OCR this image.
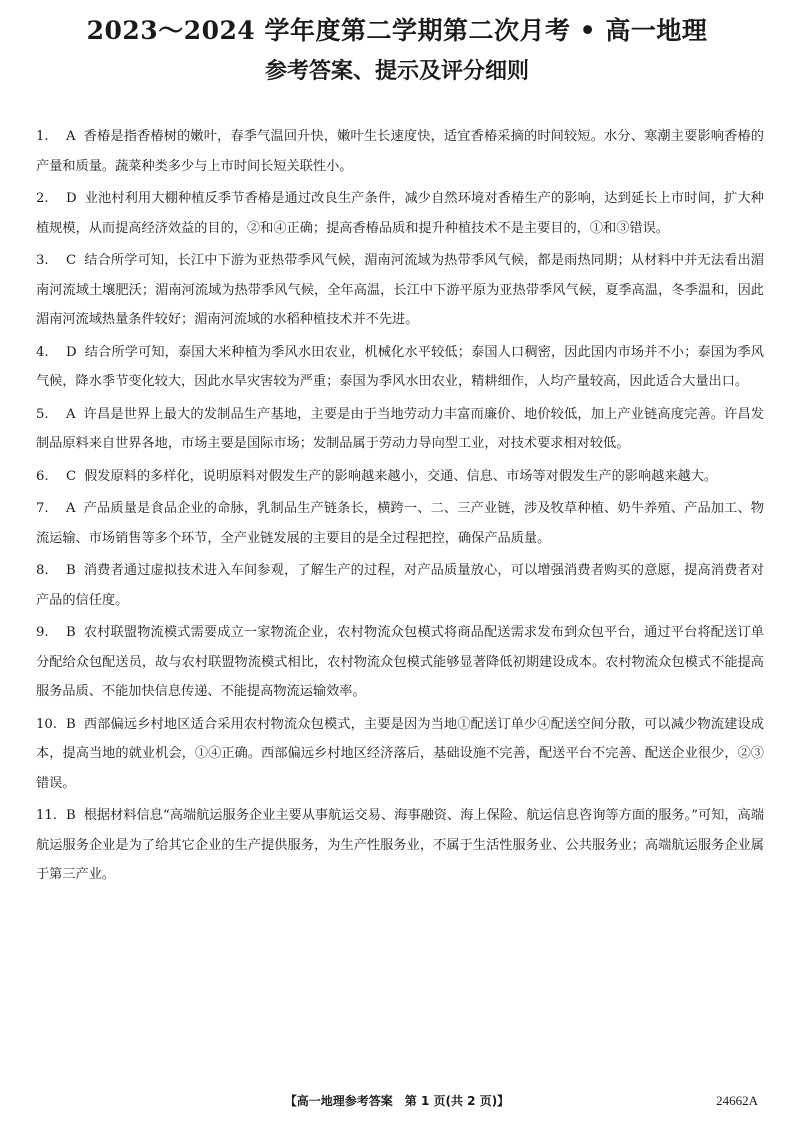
2023～2024 学年度第二学期第二次月考 • 高一地理
参考答案、提示及评分细则

1. A 香椿是指香椿树的嫩叶，春季气温回升快，嫩叶生长速度快，适宜香椿采摘的时间较短。水分、寒潮主要影响香椿的产量和质量。蔬菜种类多少与上市时间长短关联性小。

2. D 业池村利用大棚种植反季节香椿是通过改良生产条件，减少自然环境对香椿生产的影响，达到延长上市时间，扩大种植规模，从而提高经济效益的目的，②和④正确；提高香椿品质和提升种植技术不是主要目的，①和③错误。

3. C 结合所学可知，长江中下游为亚热带季风气候，湄南河流域为热带季风气候，都是雨热同期；从材料中并无法看出湄南河流域土壤肥沃；湄南河流域为热带季风气候，全年高温，长江中下游平原为亚热带季风气候，夏季高温，冬季温和，因此湄南河流域热量条件较好；湄南河流域的水稻种植技术并不先进。

4. D 结合所学可知，泰国大米种植为季风水田农业，机械化水平较低；泰国人口稠密，因此国内市场并不小；泰国为季风气候，降水季节变化较大，因此水旱灾害较为严重；泰国为季风水田农业，精耕细作，人均产量较高，因此适合大量出口。

5. A 许昌是世界上最大的发制品生产基地，主要是由于当地劳动力丰富而廉价、地价较低，加上产业链高度完善。许昌发制品原料来自世界各地，市场主要是国际市场；发制品属于劳动力导向型工业，对技术要求相对较低。

6. C 假发原料的多样化，说明原料对假发生产的影响越来越小，交通、信息、市场等对假发生产的影响越来越大。

7. A 产品质量是食品企业的命脉，乳制品生产链条长，横跨一、二、三产业链，涉及牧草种植、奶牛养殖、产品加工、物流运输、市场销售等多个环节，全产业链发展的主要目的是全过程把控，确保产品质量。

8. B 消费者通过虚拟技术进入车间参观，了解生产的过程，对产品质量放心，可以增强消费者购买的意愿，提高消费者对产品的信任度。

9. B 农村联盟物流模式需要成立一家物流企业，农村物流众包模式将商品配送需求发布到众包平台，通过平台将配送订单分配给众包配送员，故与农村联盟物流模式相比，农村物流众包模式能够显著降低初期建设成本。农村物流众包模式不能提高服务品质、不能加快信息传递、不能提高物流运输效率。

10. B 西部偏远乡村地区适合采用农村物流众包模式，主要是因为当地①配送订单少④配送空间分散，可以减少物流建设成本，提高当地的就业机会，①④正确。西部偏远乡村地区经济落后，基础设施不完善，配送平台不完善、配送企业很少，②③错误。

11. B 根据材料信息“高端航运服务企业主要从事航运交易、海事融资、海上保险、航运信息咨询等方面的服务。”可知，高端航运服务企业是为了给其它企业的生产提供服务，为生产性服务业，不属于生活性服务业、公共服务业；高端航运服务企业属于第三产业。

【高一地理参考答案　第 1 页(共 2 页)】	24662A
